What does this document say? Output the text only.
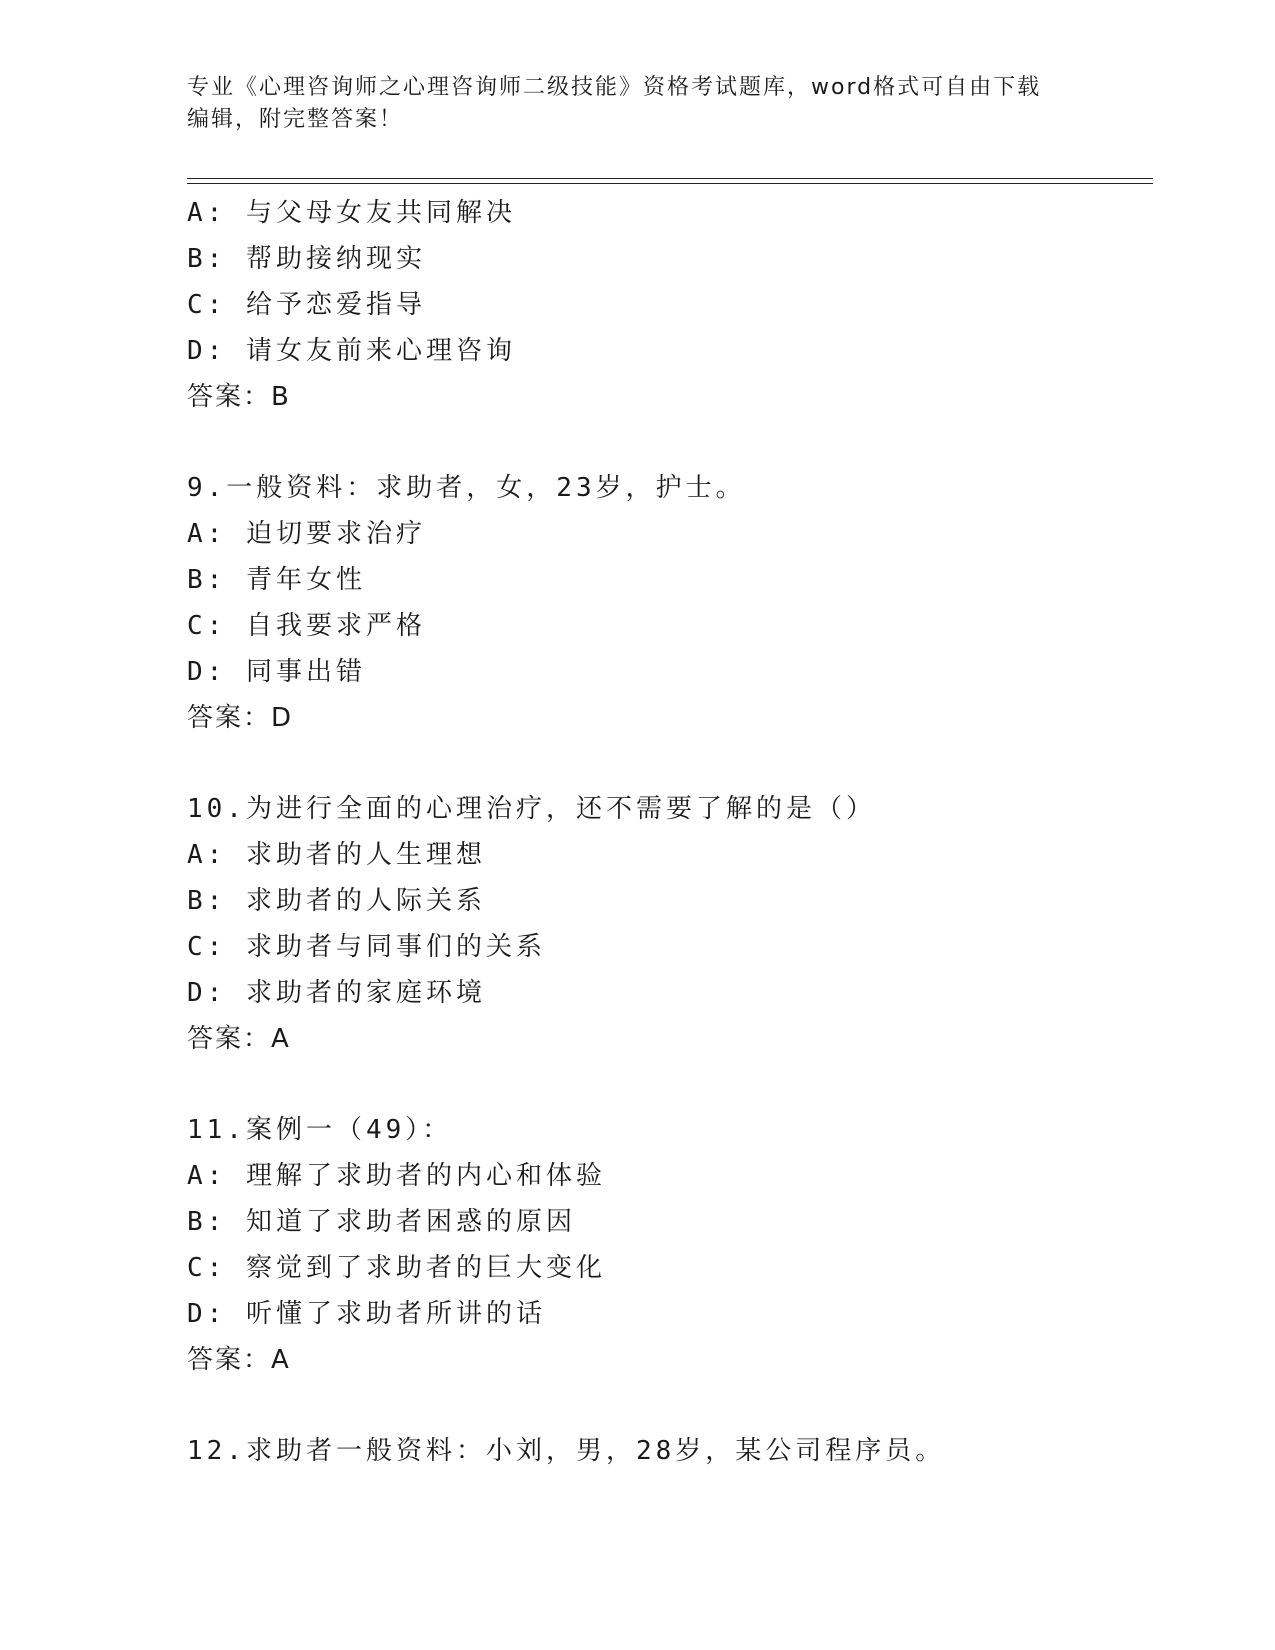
专业《心理咨询师之心理咨询师二级技能》资格考试题库，word格式可自由下载
编辑，附完整答案！
A: 与父母女友共同解决
B: 帮助接纳现实
C: 给予恋爱指导
D: 请女友前来心理咨询
答案：B
9.一般资料：求助者，女，23岁，护士。
A: 迫切要求治疗
B: 青年女性
C: 自我要求严格
D: 同事出错
答案：D
10.为进行全面的心理治疗，还不需要了解的是（）
A: 求助者的人生理想
B: 求助者的人际关系
C: 求助者与同事们的关系
D: 求助者的家庭环境
答案：A
11.案例一（49）：
A: 理解了求助者的内心和体验
B: 知道了求助者困惑的原因
C: 察觉到了求助者的巨大变化
D: 听懂了求助者所讲的话
答案：A
12.求助者一般资料：小刘，男，28岁，某公司程序员。
